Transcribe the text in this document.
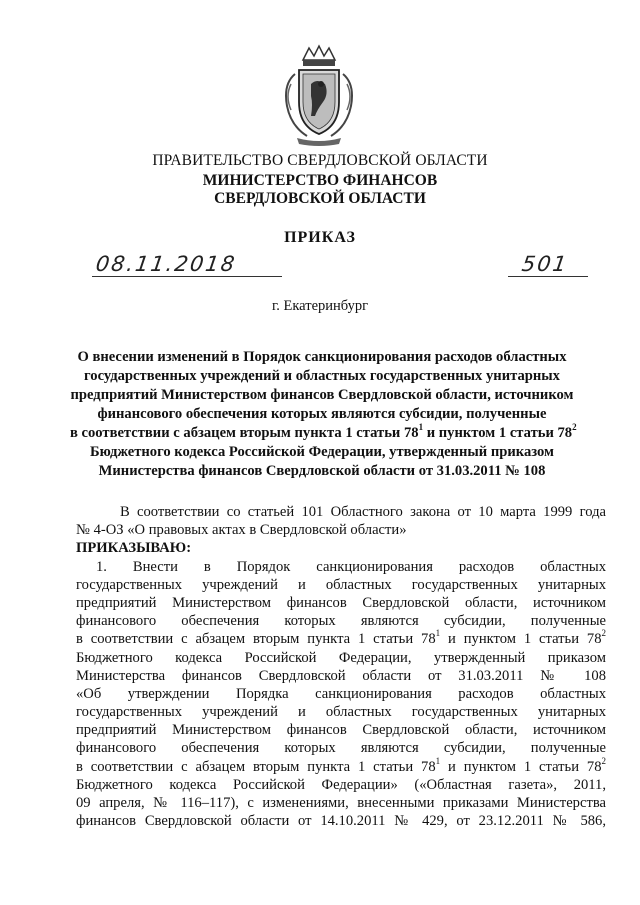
ПРАВИТЕЛЬСТВО СВЕРДЛОВСКОЙ ОБЛАСТИ
МИНИСТЕРСТВО ФИНАНСОВ
СВЕРДЛОВСКОЙ ОБЛАСТИ
ПРИКАЗ
08.11.2018	501
г. Екатеринбург
О внесении изменений в Порядок санкционирования расходов областных
государственных учреждений и областных государственных унитарных
предприятий Министерством финансов Свердловской области, источником
финансового обеспечения которых являются субсидии, полученные
в соответствии с абзацем вторым пункта 1 статьи $78^1$ и пунктом 1 статьи $78^2$
Бюджетного кодекса Российской Федерации, утвержденный приказом
Министерства финансов Свердловской области от 31.03.2011 № 108
В соответствии со статьей 101 Областного закона от 10 марта 1999 года
№ 4-ОЗ «О правовых актах в Свердловской области»
ПРИКАЗЫВАЮ:
1. Внести в Порядок санкционирования расходов областных
государственных учреждений и областных государственных унитарных
предприятий Министерством финансов Свердловской области, источником
финансового обеспечения которых являются субсидии, полученные
в соответствии с абзацем вторым пункта 1 статьи $78^1$ и пунктом 1 статьи $78^2$
Бюджетного кодекса Российской Федерации, утвержденный приказом
Министерства финансов Свердловской области от 31.03.2011 № 108
«Об утверждении Порядка санкционирования расходов областных
государственных учреждений и областных государственных унитарных
предприятий Министерством финансов Свердловской области, источником
финансового обеспечения которых являются субсидии, полученные
в соответствии с абзацем вторым пункта 1 статьи $78^1$ и пунктом 1 статьи $78^2$
Бюджетного кодекса Российской Федерации» («Областная газета», 2011,
09 апреля, № 116–117), с изменениями, внесенными приказами Министерства
финансов Свердловской области от 14.10.2011 № 429, от 23.12.2011 № 586,
